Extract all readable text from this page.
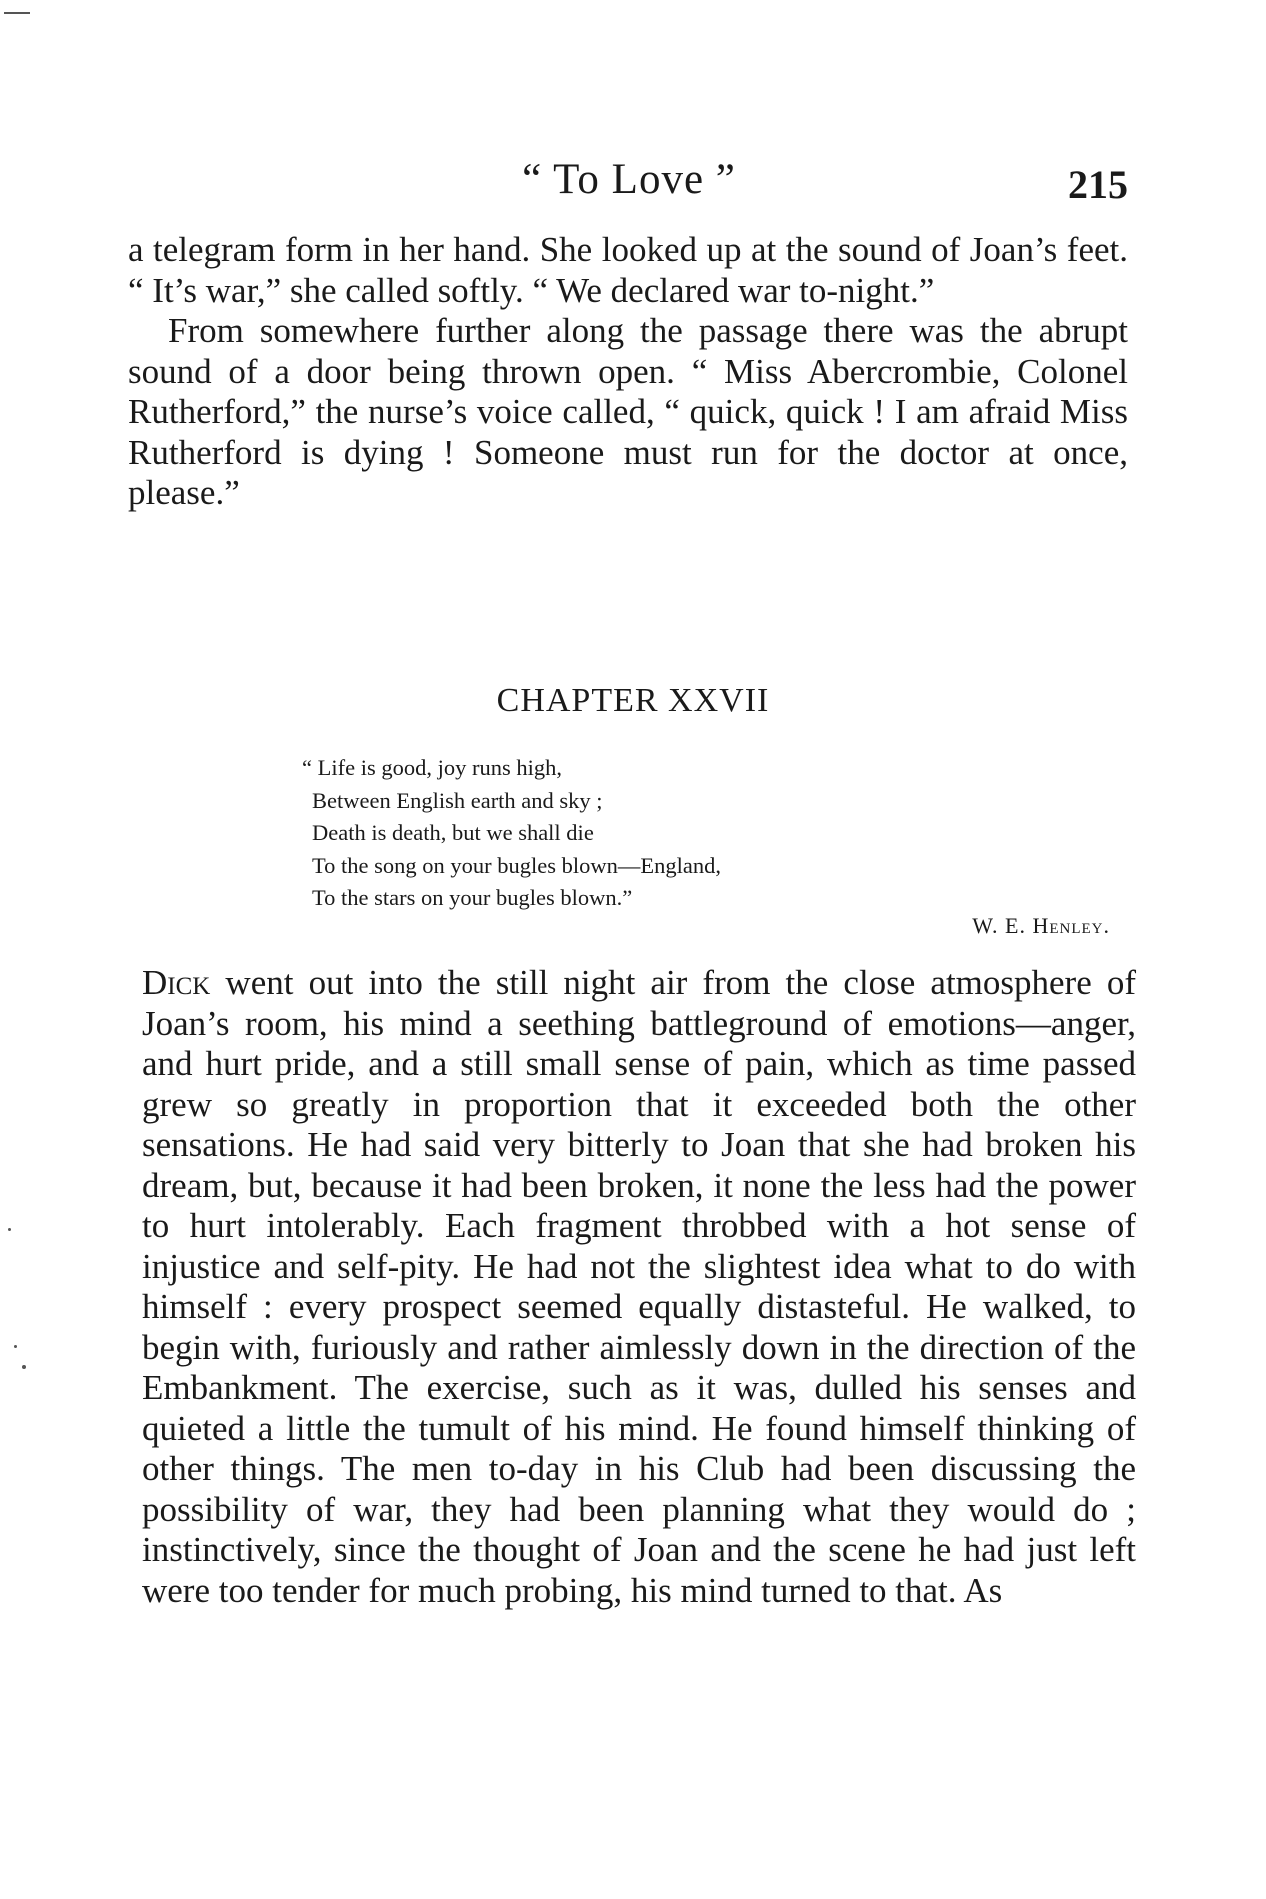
“ To Love ”	215

a telegram form in her hand. She looked up at the sound of Joan’s feet. “ It’s war,” she called softly. “ We declared war to-night.”

From somewhere further along the passage there was the abrupt sound of a door being thrown open. “ Miss Abercrombie, Colonel Rutherford,” the nurse’s voice called, “ quick, quick ! I am afraid Miss Rutherford is dying ! Someone must run for the doctor at once, please.”

CHAPTER XXVII
“ Life is good, joy runs high,
Between English earth and sky ;
Death is death, but we shall die
To the song on your bugles blown—England,
To the stars on your bugles blown.”
W. E. Henley.

Dick went out into the still night air from the close atmosphere of Joan’s room, his mind a seething battleground of emotions—anger, and hurt pride, and a still small sense of pain, which as time passed grew so greatly in proportion that it exceeded both the other sensations. He had said very bitterly to Joan that she had broken his dream, but, because it had been broken, it none the less had the power to hurt intolerably. Each fragment throbbed with a hot sense of injustice and self-pity. He had not the slightest idea what to do with himself : every prospect seemed equally distasteful. He walked, to begin with, furiously and rather aimlessly down in the direction of the Embankment. The exercise, such as it was, dulled his senses and quieted a little the tumult of his mind. He found himself thinking of other things. The men to-day in his Club had been discussing the possibility of war, they had been planning what they would do ; instinctively, since the thought of Joan and the scene he had just left were too tender for much probing, his mind turned to that. As
